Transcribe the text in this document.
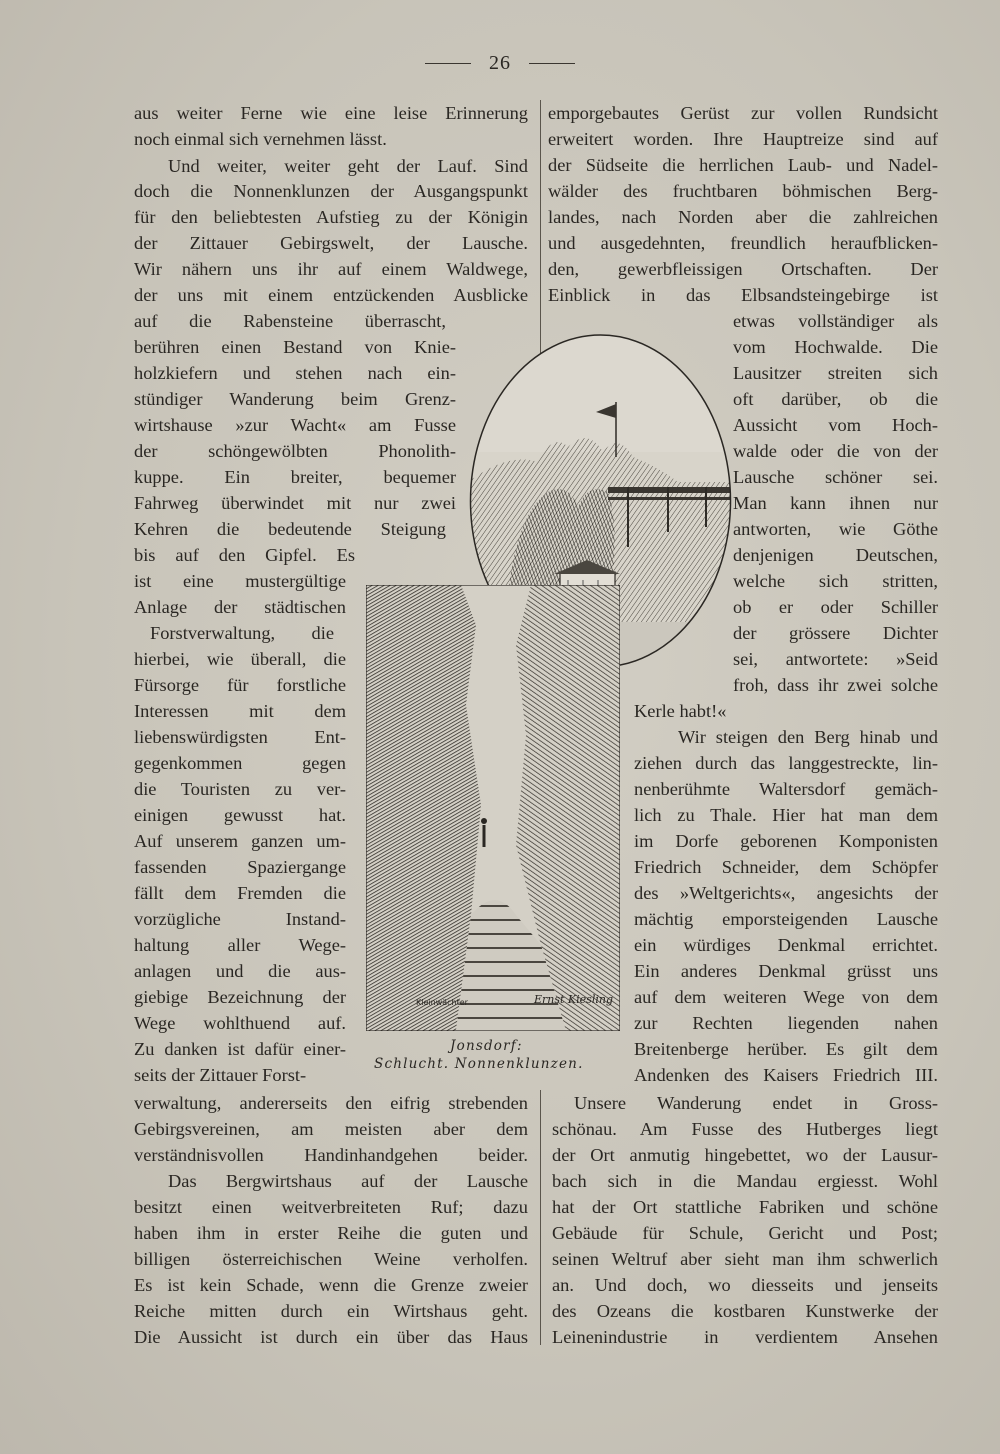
26
aus weiter Ferne wie eine leise Erinnerung
noch einmal sich vernehmen lässt.
Und weiter, weiter geht der Lauf. Sind
doch die Nonnenklunzen der Ausgangspunkt
für den beliebtesten Aufstieg zu der Königin
der Zittauer Gebirgswelt, der Lausche.
Wir nähern uns ihr auf einem Waldwege,
der uns mit einem entzückenden Ausblicke
auf die Rabensteine überrascht,
berühren einen Bestand von Knie-
holzkiefern und stehen nach ein-
stündiger Wanderung beim Grenz-
wirtshause »zur Wacht« am Fusse
der schöngewölbten Phonolith-
kuppe. Ein breiter, bequemer
Fahrweg überwindet mit nur zwei
Kehren die bedeutende Steigung
bis auf den Gipfel. Es
ist eine mustergültige
Anlage der städtischen
Forstverwaltung, die
hierbei, wie überall, die
Fürsorge für forstliche
Interessen mit dem
liebenswürdigsten Ent-
gegenkommen gegen
die Touristen zu ver-
einigen gewusst hat.
Auf unserem ganzen um-
fassenden Spaziergange
fällt dem Fremden die
vorzügliche Instand-
haltung aller Wege-
anlagen und die aus-
giebige Bezeichnung der
Wege wohlthuend auf.
Zu danken ist dafür einer-
seits der Zittauer Forst-
verwaltung, andererseits den eifrig strebenden
Gebirgsvereinen, am meisten aber dem
verständnisvollen Handinhandgehen beider.
Das Bergwirtshaus auf der Lausche
besitzt einen weitverbreiteten Ruf; dazu
haben ihm in erster Reihe die guten und
billigen österreichischen Weine verholfen.
Es ist kein Schade, wenn die Grenze zweier
Reiche mitten durch ein Wirtshaus geht.
Die Aussicht ist durch ein über das Haus
emporgebautes Gerüst zur vollen Rundsicht
erweitert worden. Ihre Hauptreize sind auf
der Südseite die herrlichen Laub- und Nadel-
wälder des fruchtbaren böhmischen Berg-
landes, nach Norden aber die zahlreichen
und ausgedehnten, freundlich heraufblicken-
den, gewerbfleissigen Ortschaften. Der
Einblick in das Elbsandsteingebirge ist
etwas vollständiger als
vom Hochwalde. Die
Lausitzer streiten sich
oft darüber, ob die
Aussicht vom Hoch-
walde oder die von der
Lausche schöner sei.
Man kann ihnen nur
antworten, wie Göthe
denjenigen Deutschen,
welche sich stritten,
ob er oder Schiller
der grössere Dichter
sei, antwortete: »Seid
froh, dass ihr zwei solche
Kerle habt!«
Wir steigen den Berg hinab und
ziehen durch das langgestreckte, lin-
nenberühmte Waltersdorf gemäch-
lich zu Thale. Hier hat man dem
im Dorfe geborenen Komponisten
Friedrich Schneider, dem Schöpfer
des »Weltgerichts«, angesichts der
mächtig emporsteigenden Lausche
ein würdiges Denkmal errichtet.
Ein anderes Denkmal grüsst uns
auf dem weiteren Wege von dem
zur Rechten liegenden nahen
Breitenberge herüber. Es gilt dem
Andenken des Kaisers Friedrich III.
Unsere Wanderung endet in Gross-
schönau. Am Fusse des Hutberges liegt
der Ort anmutig hingebettet, wo der Lausur-
bach sich in die Mandau ergiesst. Wohl
hat der Ort stattliche Fabriken und schöne
Gebäude für Schule, Gericht und Post;
seinen Weltruf aber sieht man ihm schwerlich
an. Und doch, wo diesseits und jenseits
des Ozeans die kostbaren Kunstwerke der
Leinenindustrie in verdientem Ansehen
Kleinwächter	Ernst Kiesling
Jonsdorf:
Schlucht. Nonnenklunzen.
